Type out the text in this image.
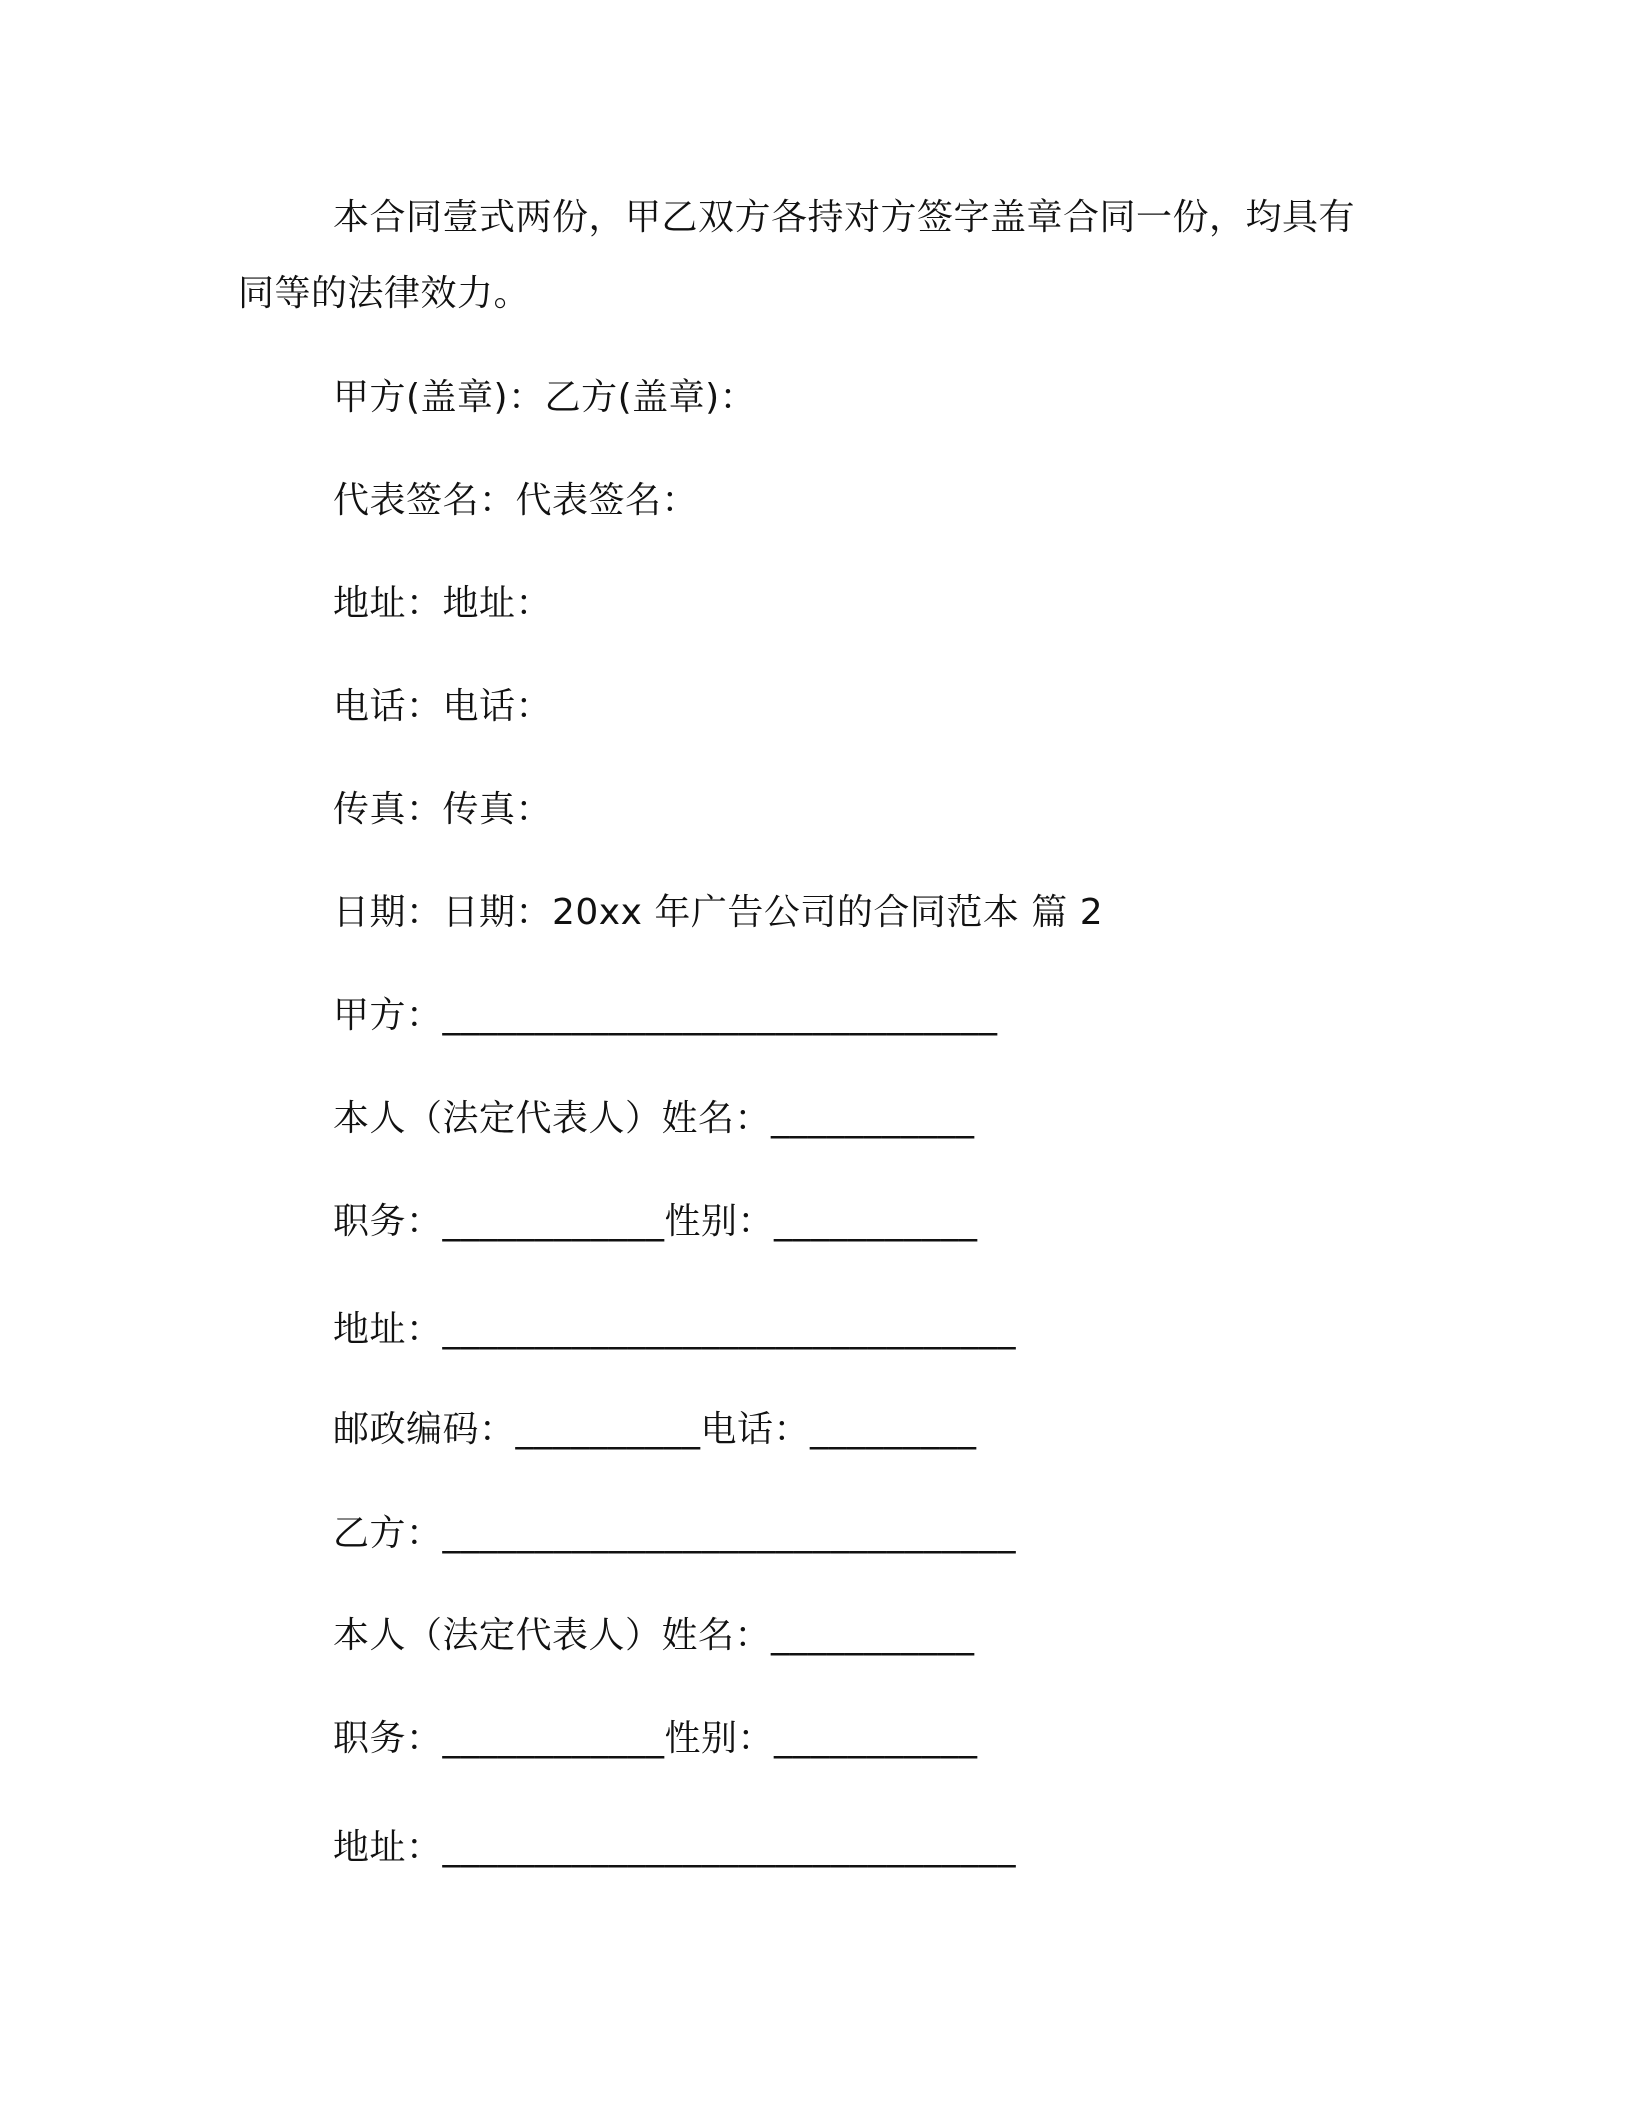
本合同壹式两份，甲乙双方各持对方签字盖章合同一份，均具有
同等的法律效力。
甲方(盖章)：乙方(盖章)：
代表签名：代表签名：
地址：地址：
电话：电话：
传真：传真：
日期：日期：20xx 年广告公司的合同范本 篇 2
甲方：______________________________
本人（法定代表人）姓名：___________
职务：____________性别：___________
地址：_______________________________
邮政编码：__________电话：_________
乙方：_______________________________
本人（法定代表人）姓名：___________
职务：____________性别：___________
地址：_______________________________
